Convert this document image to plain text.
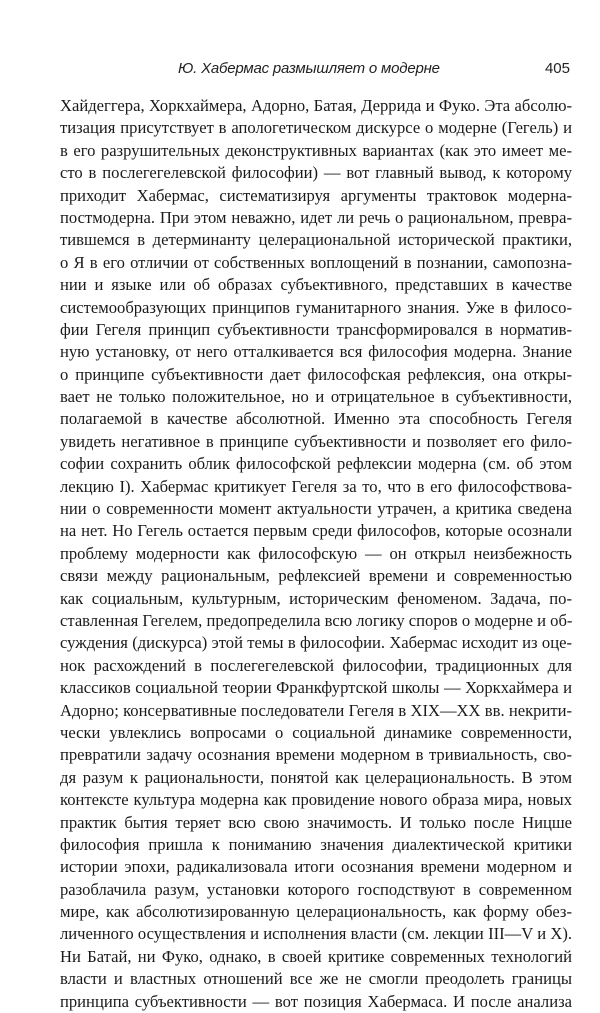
Ю. Хабермас размышляет о модерне	405
Хайдеггера, Хоркхаймера, Адорно, Батая, Деррида и Фуко. Эта абсолю-
тизация присутствует в апологетическом дискурсе о модерне (Гегель) и
в его разрушительных деконструктивных вариантах (как это имеет ме-
сто в послегегелевской философии) — вот главный вывод, к которому
приходит Хабермас, систематизируя аргументы трактовок модерна-
постмодерна. При этом неважно, идет ли речь о рациональном, превра-
тившемся в детерминанту целерациональной исторической практики,
о Я в его отличии от собственных воплощений в познании, самопозна-
нии и языке или об образах субъективного, представших в качестве
системообразующих принципов гуманитарного знания. Уже в филосо-
фии Гегеля принцип субъективности трансформировался в норматив-
ную установку, от него отталкивается вся философия модерна. Знание
о принципе субъективности дает философская рефлексия, она откры-
вает не только положительное, но и отрицательное в субъективности,
полагаемой в качестве абсолютной. Именно эта способность Гегеля
увидеть негативное в принципе субъективности и позволяет его фило-
софии сохранить облик философской рефлексии модерна (см. об этом
лекцию I). Хабермас критикует Гегеля за то, что в его философствова-
нии о современности момент актуальности утрачен, а критика сведена
на нет. Но Гегель остается первым среди философов, которые осознали
проблему модерности как философскую — он открыл неизбежность
связи между рациональным, рефлексией времени и современностью
как социальным, культурным, историческим феноменом. Задача, по-
ставленная Гегелем, предопределила всю логику споров о модерне и об-
суждения (дискурса) этой темы в философии. Хабермас исходит из оце-
нок расхождений в послегегелевской философии, традиционных для
классиков социальной теории Франкфуртской школы — Хоркхаймера и
Адорно; консервативные последователи Гегеля в XIX—XX вв. некрити-
чески увлеклись вопросами о социальной динамике современности,
превратили задачу осознания времени модерном в тривиальность, сво-
дя разум к рациональности, понятой как целерациональность. В этом
контексте культура модерна как провидение нового образа мира, новых
практик бытия теряет всю свою значимость. И только после Ницше
философия пришла к пониманию значения диалектической критики
истории эпохи, радикализовала итоги осознания времени модерном и
разоблачила разум, установки которого господствуют в современном
мире, как абсолютизированную целерациональность, как форму обез-
личенного осуществления и исполнения власти (см. лекции III—V и X).
Ни Батай, ни Фуко, однако, в своей критике современных технологий
власти и властных отношений все же не смогли преодолеть границы
принципа субъективности — вот позиция Хабермаса. И после анализа
